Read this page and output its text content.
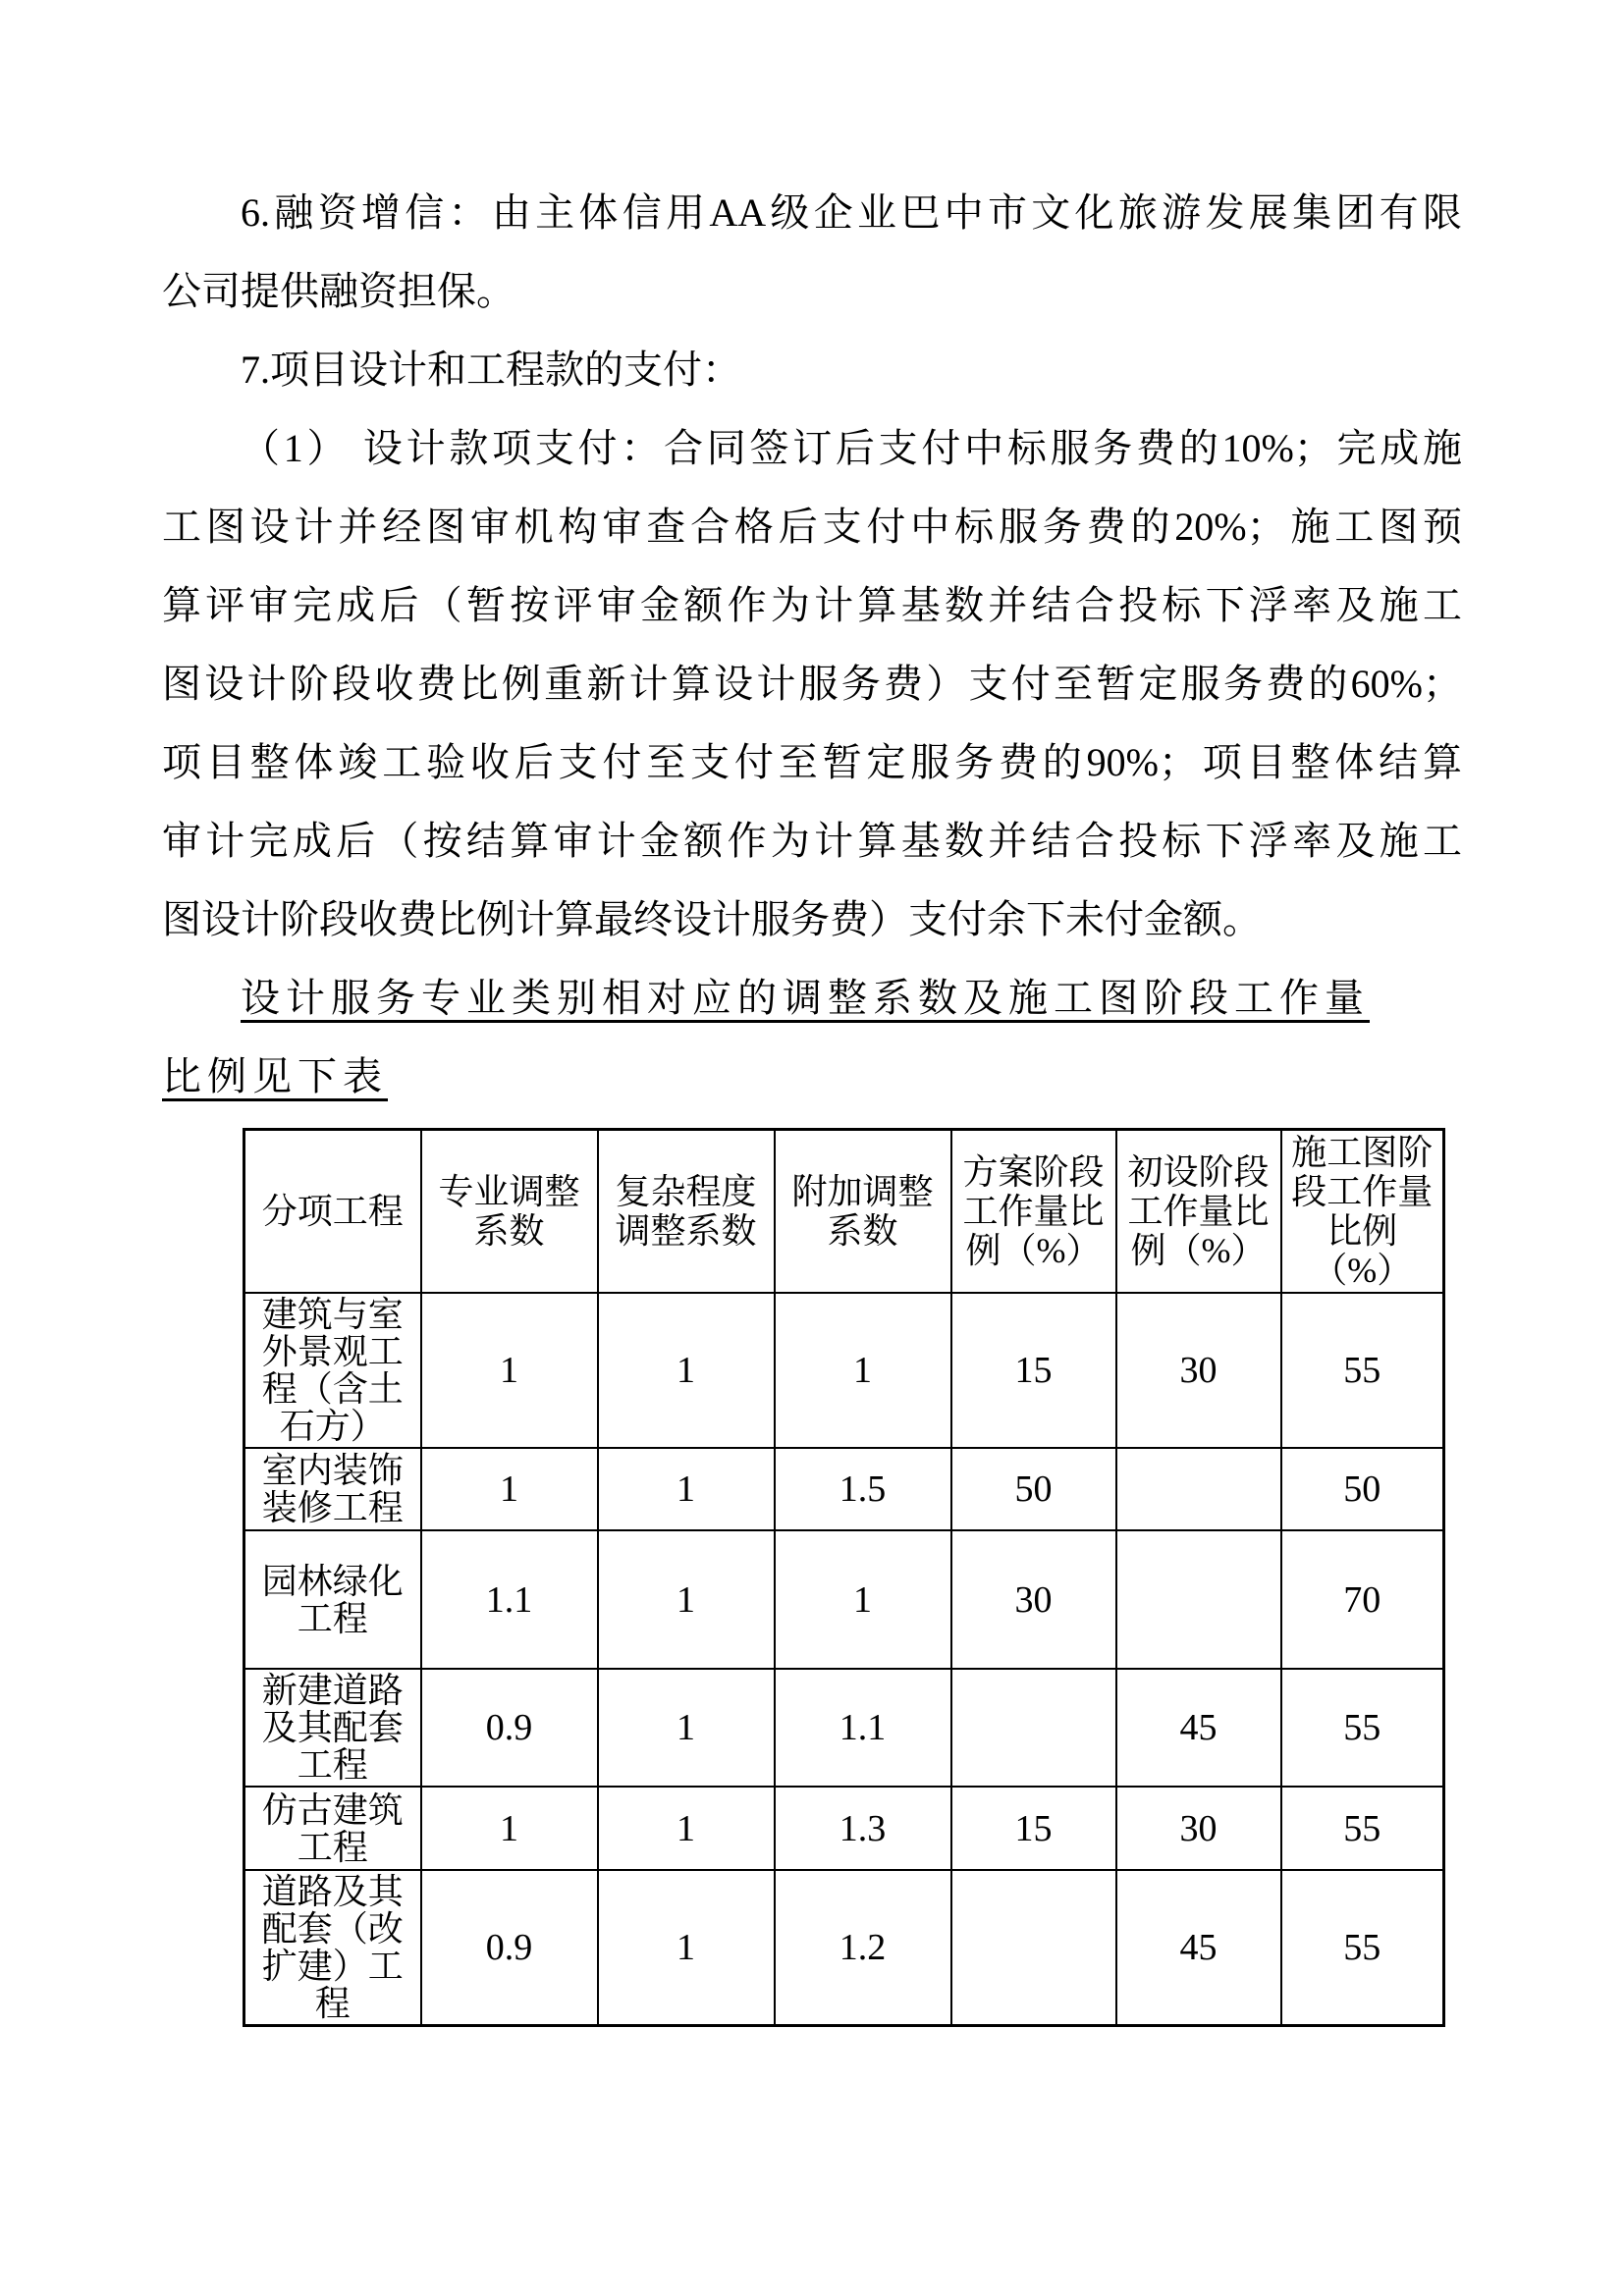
6.融资增信：由主体信用AA级企业巴中市文化旅游发展集团有限
公司提供融资担保。
7.项目设计和工程款的支付：
（1） 设计款项支付：合同签订后支付中标服务费的10%；完成施
工图设计并经图审机构审查合格后支付中标服务费的20%；施工图预
算评审完成后（暂按评审金额作为计算基数并结合投标下浮率及施工
图设计阶段收费比例重新计算设计服务费）支付至暂定服务费的60%；
项目整体竣工验收后支付至支付至暂定服务费的90%；项目整体结算
审计完成后（按结算审计金额作为计算基数并结合投标下浮率及施工
图设计阶段收费比例计算最终设计服务费）支付余下未付金额。
设计服务专业类别相对应的调整系数及施工图阶段工作量
比例见下表
分项工程	专业调整系数	复杂程度调整系数	附加调整系数	方案阶段工作量比例（%）	初设阶段工作量比例（%）	施工图阶段工作量比例（%）
建筑与室外景观工程（含土石方）	1	1	1	15	30	55
室内装饰装修工程	1	1	1.5	50		50
园林绿化工程	1.1	1	1	30		70
新建道路及其配套工程	0.9	1	1.1		45	55
仿古建筑工程	1	1	1.3	15	30	55
道路及其配套（改扩建）工程	0.9	1	1.2		45	55
